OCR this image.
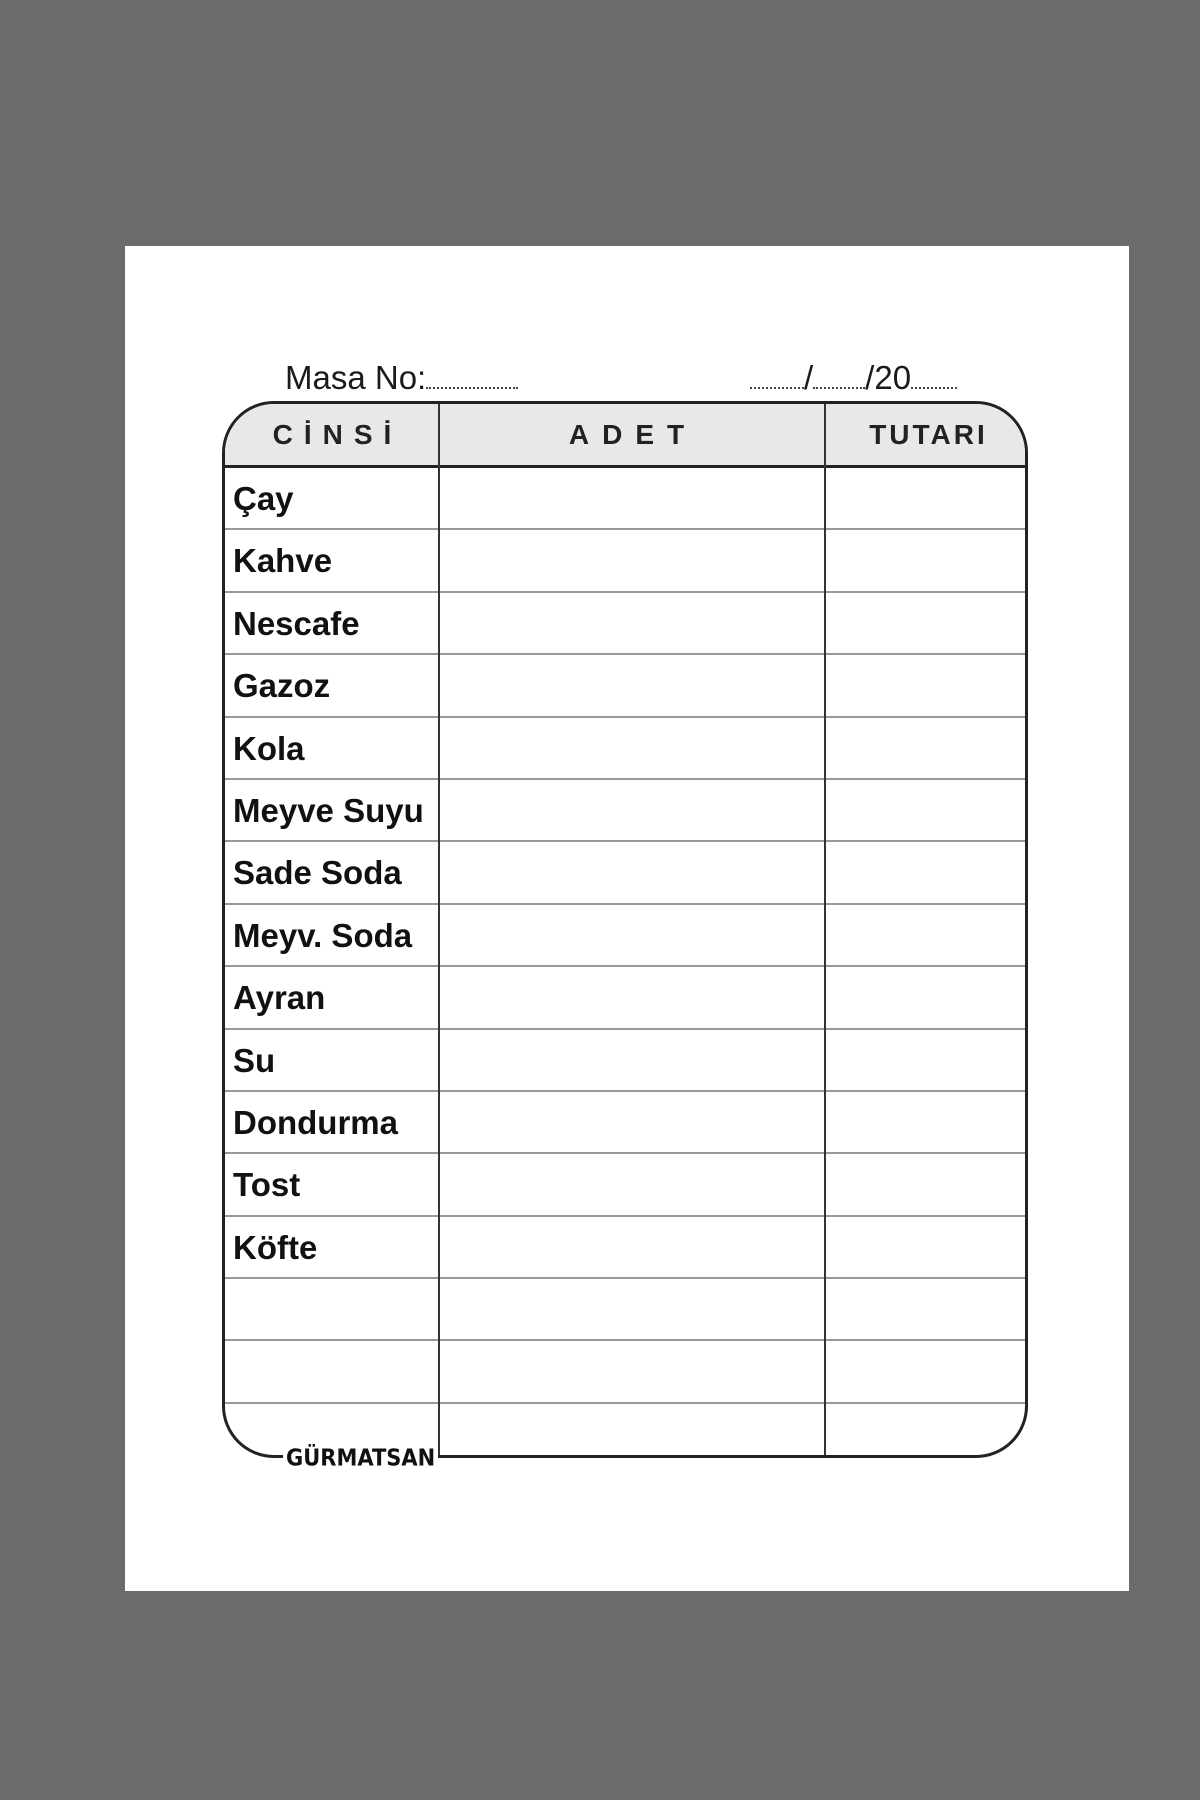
Masa No:	/ /20
CİNSİ	ADET	TUTARI
Çay
Kahve
Nescafe
Gazoz
Kola
Meyve Suyu
Sade Soda
Meyv. Soda
Ayran
Su
Dondurma
Tost
Köfte
GÜRMATSAN
